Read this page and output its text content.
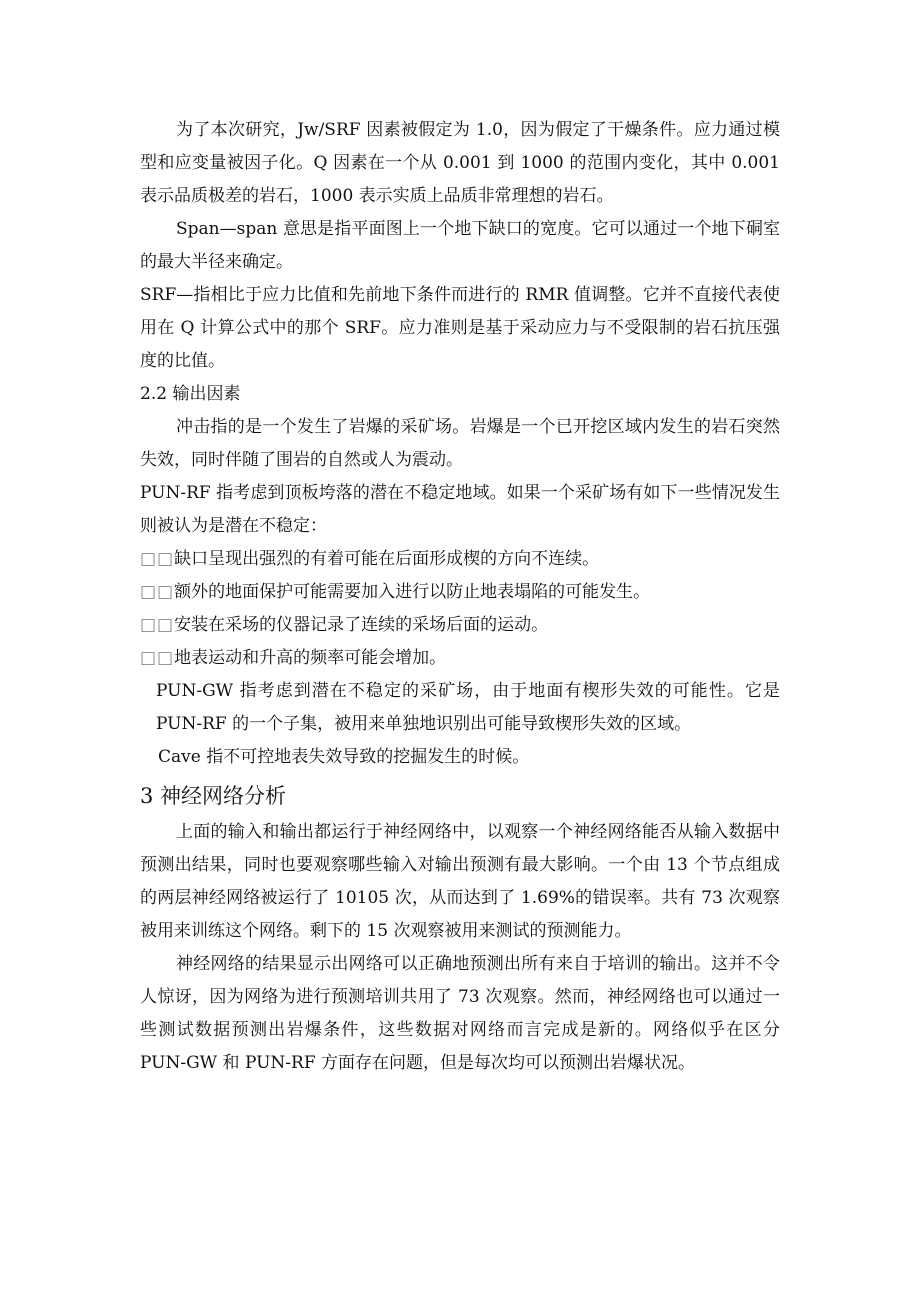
为了本次研究，Jw/SRF 因素被假定为 1.0，因为假定了干燥条件。应力通过模型和应变量被因子化。Q 因素在一个从 0.001 到 1000 的范围内变化，其中 0.001 表示品质极差的岩石，1000 表示实质上品质非常理想的岩石。

Span—span 意思是指平面图上一个地下缺口的宽度。它可以通过一个地下硐室的最大半径来确定。

SRF—指相比于应力比值和先前地下条件而进行的 RMR 值调整。它并不直接代表使用在 Q 计算公式中的那个 SRF。应力准则是基于采动应力与不受限制的岩石抗压强度的比值。

2.2 输出因素

冲击指的是一个发生了岩爆的采矿场。岩爆是一个已开挖区域内发生的岩石突然失效，同时伴随了围岩的自然或人为震动。

PUN-RF 指考虑到顶板垮落的潜在不稳定地域。如果一个采矿场有如下一些情况发生则被认为是潜在不稳定：

□□缺口呈现出强烈的有着可能在后面形成楔的方向不连续。

□□额外的地面保护可能需要加入进行以防止地表塌陷的可能发生。

□□安装在采场的仪器记录了连续的采场后面的运动。

□□地表运动和升高的频率可能会增加。

PUN-GW 指考虑到潜在不稳定的采矿场，由于地面有楔形失效的可能性。它是 PUN-RF 的一个子集，被用来单独地识别出可能导致楔形失效的区域。

Cave 指不可控地表失效导致的挖掘发生的时候。

3 神经网络分析

上面的输入和输出都运行于神经网络中，以观察一个神经网络能否从输入数据中预测出结果，同时也要观察哪些输入对输出预测有最大影响。一个由 13 个节点组成的两层神经网络被运行了 10105 次，从而达到了 1.69%的错误率。共有 73 次观察被用来训练这个网络。剩下的 15 次观察被用来测试的预测能力。

神经网络的结果显示出网络可以正确地预测出所有来自于培训的输出。这并不令人惊讶，因为网络为进行预测培训共用了 73 次观察。然而，神经网络也可以通过一些测试数据预测出岩爆条件，这些数据对网络而言完成是新的。网络似乎在区分 PUN-GW 和 PUN-RF 方面存在问题，但是每次均可以预测出岩爆状况。
